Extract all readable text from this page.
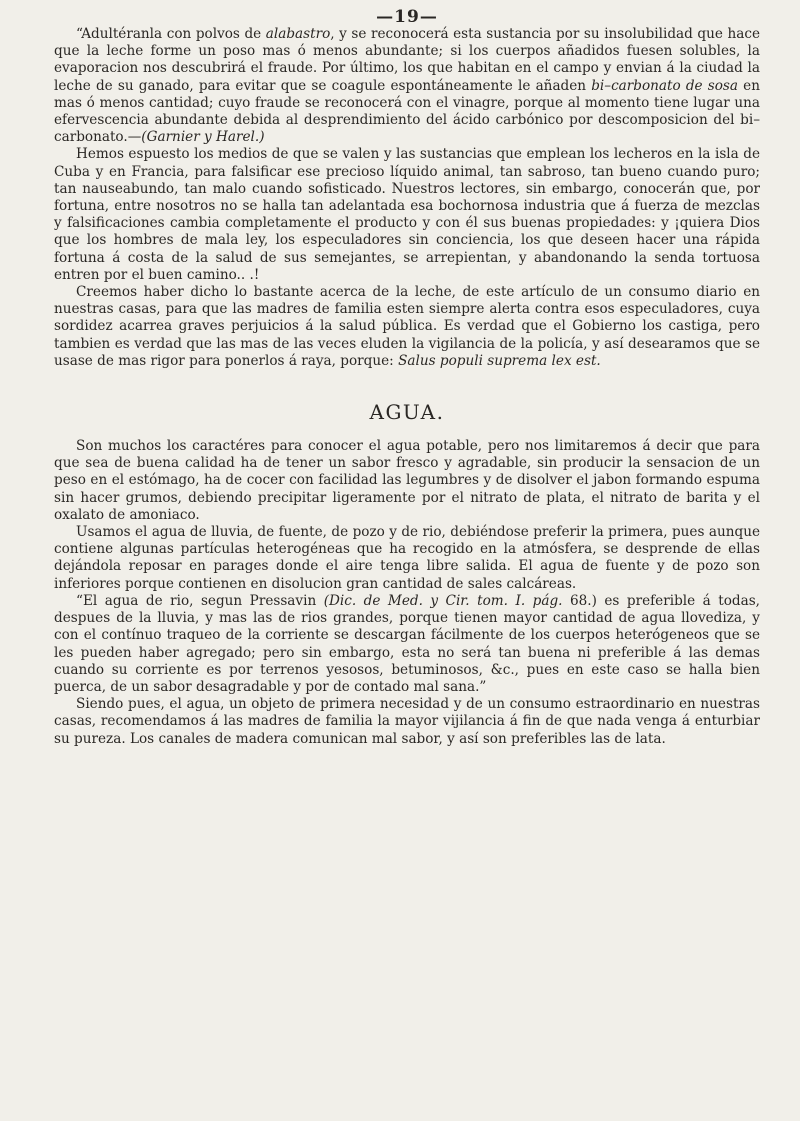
—19—

“Adultéranla con polvos de alabastro, y se reconocerá esta sustancia por su insolubilidad que hace que la leche forme un poso mas ó menos abundante; si los cuerpos añadidos fuesen solubles, la evaporacion nos descubrirá el fraude. Por último, los que habitan en el campo y envian á la ciudad la leche de su ganado, para evitar que se coagule espontáneamente le añaden bi–carbonato de sosa en mas ó menos cantidad; cuyo fraude se reconocerá con el vinagre, porque al momento tiene lugar una efervescencia abundante debida al desprendimiento del ácido carbónico por descomposicion del bi–carbonato.—(Garnier y Harel.)

Hemos espuesto los medios de que se valen y las sustancias que emplean los lecheros en la isla de Cuba y en Francia, para falsificar ese precioso líquido animal, tan sabroso, tan bueno cuando puro; tan nauseabundo, tan malo cuando sofisticado. Nuestros lectores, sin embargo, conocerán que, por fortuna, entre nosotros no se halla tan adelantada esa bochornosa industria que á fuerza de mezclas y falsificaciones cambia completamente el producto y con él sus buenas propiedades: y ¡quiera Dios que los hombres de mala ley, los especuladores sin conciencia, los que deseen hacer una rápida fortuna á costa de la salud de sus semejantes, se arrepientan, y abandonando la senda tortuosa entren por el buen camino.. .!

Creemos haber dicho lo bastante acerca de la leche, de este artículo de un consumo diario en nuestras casas, para que las madres de familia esten siempre alerta contra esos especuladores, cuya sordidez acarrea graves perjuicios á la salud pública. Es verdad que el Gobierno los castiga, pero tambien es verdad que las mas de las veces eluden la vigilancia de la policía, y así desearamos que se usase de mas rigor para ponerlos á raya, porque: Salus populi suprema lex est.

AGUA.

Son muchos los caractéres para conocer el agua potable, pero nos limitaremos á decir que para que sea de buena calidad ha de tener un sabor fresco y agradable, sin producir la sensacion de un peso en el estómago, ha de cocer con facilidad las legumbres y de disolver el jabon formando espuma sin hacer grumos, debiendo precipitar ligeramente por el nitrato de plata, el nitrato de barita y el oxalato de amoniaco.

Usamos el agua de lluvia, de fuente, de pozo y de rio, debiéndose preferir la primera, pues aunque contiene algunas partículas heterogéneas que ha recogido en la atmósfera, se desprende de ellas dejándola reposar en parages donde el aire tenga libre salida. El agua de fuente y de pozo son inferiores porque contienen en disolucion gran cantidad de sales calcáreas.

“El agua de rio, segun Pressavin (Dic. de Med. y Cir. tom. I. pág. 68.) es preferible á todas, despues de la lluvia, y mas las de rios grandes, porque tienen mayor cantidad de agua llovediza, y con el contínuo traqueo de la corriente se descargan fácilmente de los cuerpos heterógeneos que se les pueden haber agregado; pero sin embargo, esta no será tan buena ni preferible á las demas cuando su corriente es por terrenos yesosos, betuminosos, &c., pues en este caso se halla bien puerca, de un sabor desagradable y por de contado mal sana.”

Siendo pues, el agua, un objeto de primera necesidad y de un consumo estraordinario en nuestras casas, recomendamos á las madres de familia la mayor vijilancia á fin de que nada venga á enturbiar su pureza. Los canales de madera comunican mal sabor, y así son preferibles las de lata.
